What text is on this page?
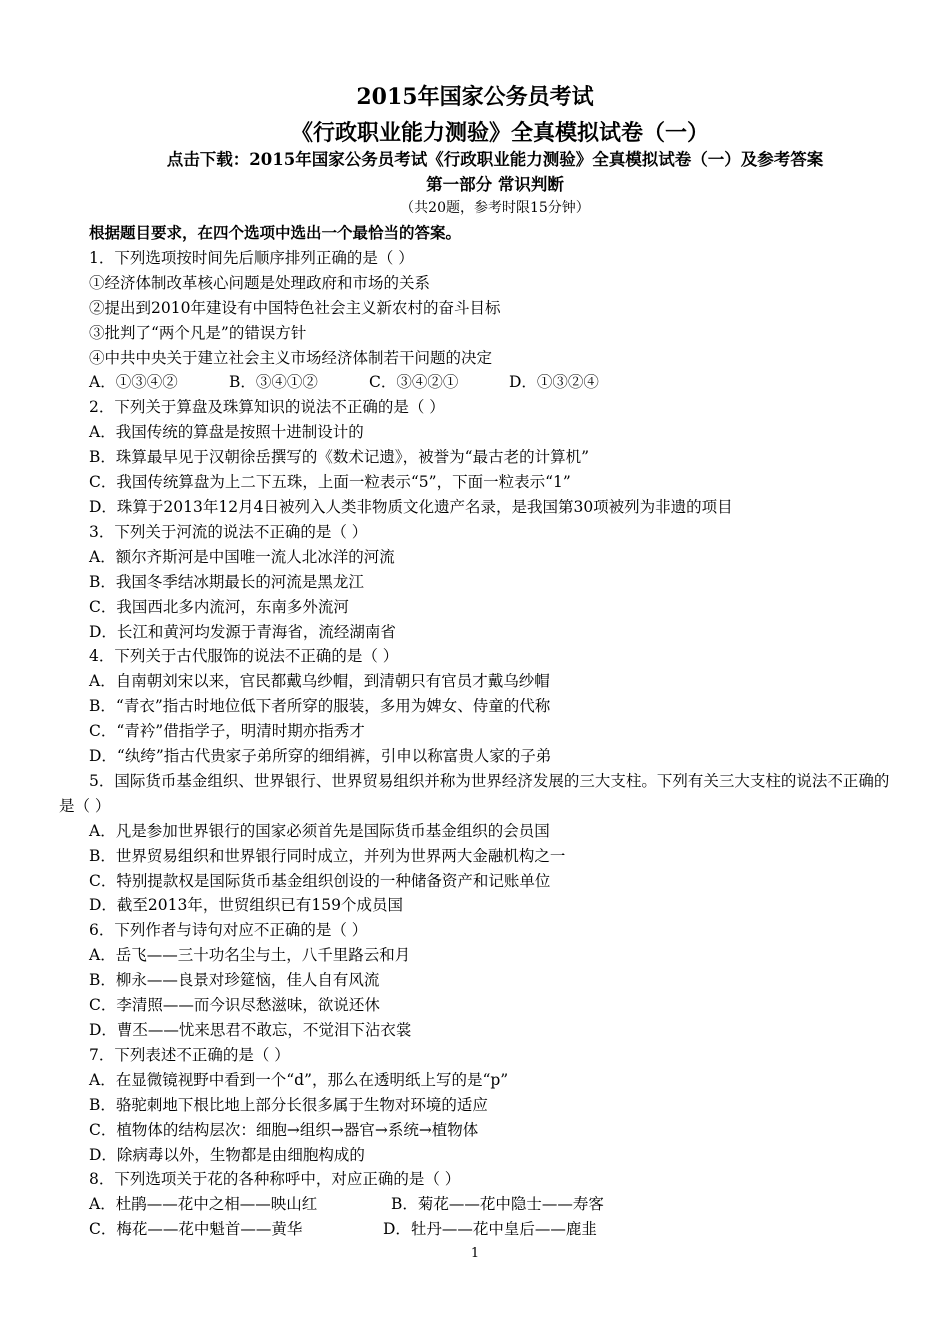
2015年国家公务员考试
《行政职业能力测验》全真模拟试卷（一）
点击下载：2015年国家公务员考试《行政职业能力测验》全真模拟试卷（一）及参考答案
第一部分 常识判断
（共20题，参考时限15分钟）
根据题目要求，在四个选项中选出一个最恰当的答案。
1．下列选项按时间先后顺序排列正确的是（ ）
①经济体制改革核心问题是处理政府和市场的关系
②提出到2010年建设有中国特色社会主义新农村的奋斗目标
③批判了“两个凡是”的错误方针
④中共中央关于建立社会主义市场经济体制若干问题的决定
A．①③④②	B．③④①②	C．③④②①	D．①③②④
2．下列关于算盘及珠算知识的说法不正确的是（ ）
A．我国传统的算盘是按照十进制设计的
B．珠算最早见于汉朝徐岳撰写的《数术记遗》，被誉为“最古老的计算机”
C．我国传统算盘为上二下五珠，上面一粒表示“5”，下面一粒表示“1”
D．珠算于2013年12月4日被列入人类非物质文化遗产名录，是我国第30项被列为非遗的项目
3．下列关于河流的说法不正确的是（ ）
A．额尔齐斯河是中国唯一流人北冰洋的河流
B．我国冬季结冰期最长的河流是黑龙江
C．我国西北多内流河，东南多外流河
D．长江和黄河均发源于青海省，流经湖南省
4．下列关于古代服饰的说法不正确的是（ ）
A．自南朝刘宋以来，官民都戴乌纱帽，到清朝只有官员才戴乌纱帽
B．“青衣”指古时地位低下者所穿的服装，多用为婢女、侍童的代称
C．“青衿”借指学子，明清时期亦指秀才
D．“纨绔”指古代贵家子弟所穿的细绢裤，引申以称富贵人家的子弟
5．国际货币基金组织、世界银行、世界贸易组织并称为世界经济发展的三大支柱。下列有关三大支柱的说法不正确的是（ ）
A．凡是参加世界银行的国家必须首先是国际货币基金组织的会员国
B．世界贸易组织和世界银行同时成立，并列为世界两大金融机构之一
C．特别提款权是国际货币基金组织创设的一种储备资产和记账单位
D．截至2013年，世贸组织已有159个成员国
6．下列作者与诗句对应不正确的是（ ）
A．岳飞——三十功名尘与土，八千里路云和月
B．柳永——良景对珍筵恼，佳人自有风流
C．李清照——而今识尽愁滋味，欲说还休
D．曹丕——忧来思君不敢忘，不觉泪下沾衣裳
7．下列表述不正确的是（ ）
A．在显微镜视野中看到一个“d”，那么在透明纸上写的是“p”
B．骆驼刺地下根比地上部分长很多属于生物对环境的适应
C．植物体的结构层次：细胞→组织→器官→系统→植物体
D．除病毒以外，生物都是由细胞构成的
8．下列选项关于花的各种称呼中，对应正确的是（ ）
A．杜鹃——花中之相——映山红	B．菊花——花中隐士——寿客
C．梅花——花中魁首——黄华	D．牡丹——花中皇后——鹿韭
1
